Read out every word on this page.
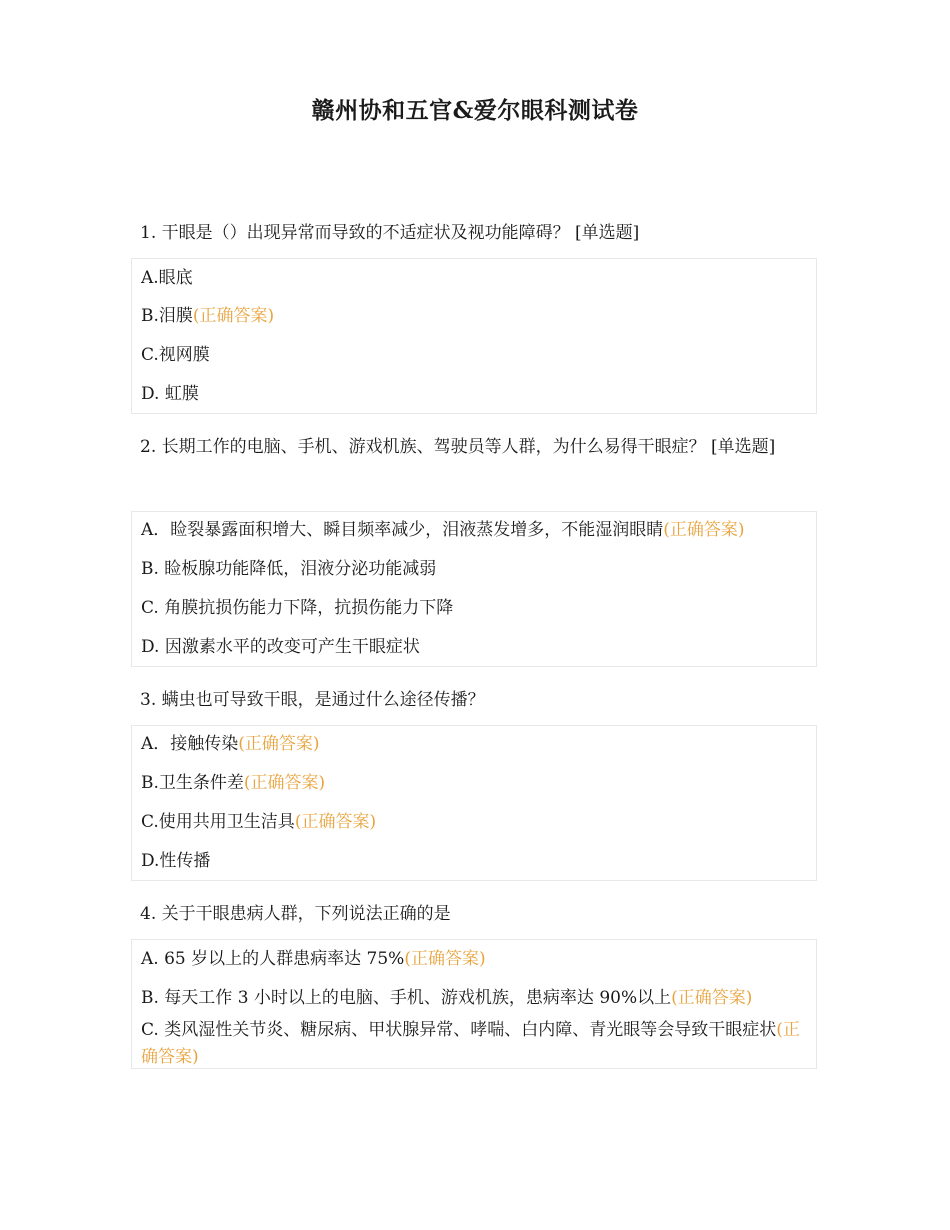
赣州协和五官&爱尔眼科测试卷
1. 干眼是（）出现异常而导致的不适症状及视功能障碍？ [单选题]
A.眼底
B.泪膜(正确答案)
C.视网膜
D. 虹膜
2. 长期工作的电脑、手机、游戏机族、驾驶员等人群，为什么易得干眼症？ [单选题]
A．睑裂暴露面积增大、瞬目频率减少，泪液蒸发增多，不能湿润眼睛(正确答案)
B. 睑板腺功能降低，泪液分泌功能减弱
C. 角膜抗损伤能力下降，抗损伤能力下降
D. 因激素水平的改变可产生干眼症状
3. 螨虫也可导致干眼，是通过什么途径传播？
A．接触传染(正确答案)
B.卫生条件差(正确答案)
C.使用共用卫生洁具(正确答案)
D.性传播
4. 关于干眼患病人群，下列说法正确的是
A. 65 岁以上的人群患病率达 75%(正确答案)
B. 每天工作 3 小时以上的电脑、手机、游戏机族，患病率达 90%以上(正确答案)
C. 类风湿性关节炎、糖尿病、甲状腺异常、哮喘、白内障、青光眼等会导致干眼症状(正确答案)
